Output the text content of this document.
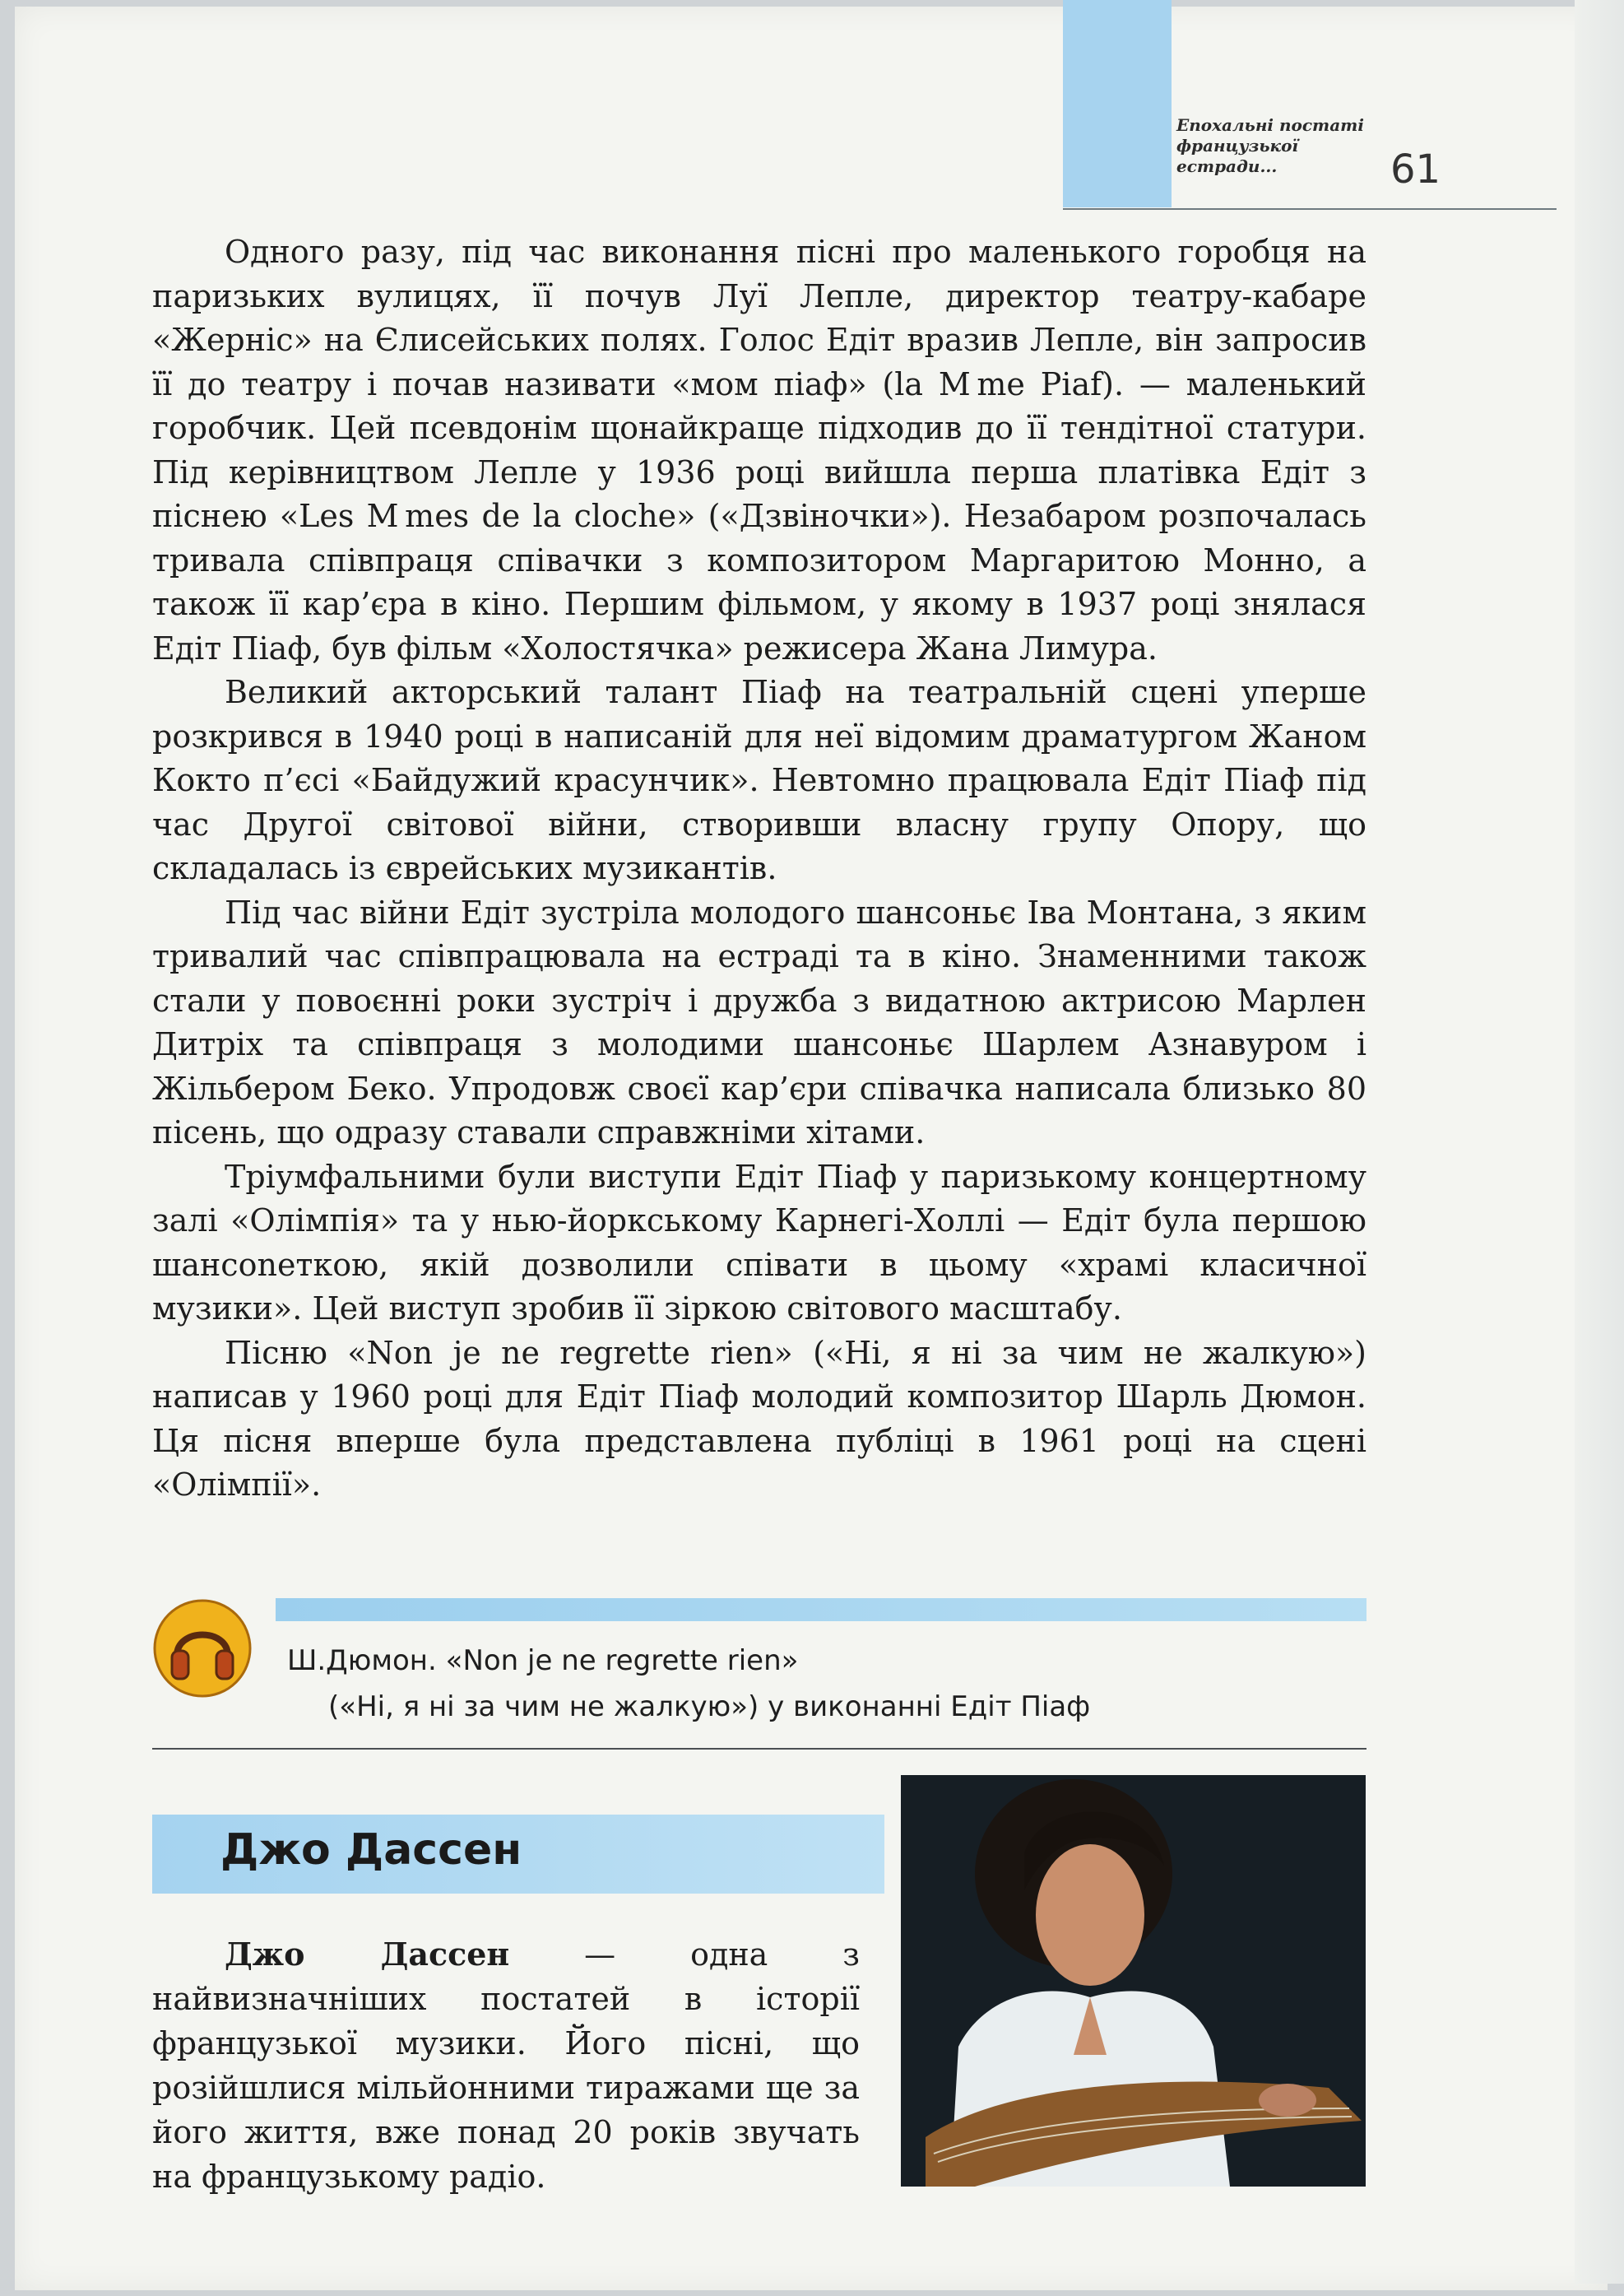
Епохальні постаті
французької
естради...	61

Одного разу, під час виконання пісні про маленького горобця на паризьких вулицях, її почув Луї Лепле, директор театру-кабаре «Жерніс» на Єлисейських полях. Голос Едіт вразив Лепле, він запросив її до театру і почав називати «мом піаф» (la M me Piaf). — маленький горобчик. Цей псевдонім щонайкраще підходив до її тендітної статури. Під керівництвом Лепле у 1936 році вийшла перша платівка Едіт з піснею «Les M mes de la cloche» («Дзвіночки»). Незабаром розпочалась тривала співпраця співачки з композитором Маргаритою Монно, а також її кар’єра в кіно. Першим фільмом, у якому в 1937 році знялася Едіт Піаф, був фільм «Холостячка» режисера Жана Лимура.

Великий акторський талант Піаф на театральній сцені уперше розкрився в 1940 році в написаній для неї відомим драматургом Жаном Кокто п’єсі «Байдужий красунчик». Невтомно працювала Едіт Піаф під час Другої світової війни, створивши власну групу Опору, що складалась із єврейських музикантів.

Під час війни Едіт зустріла молодого шансоньє Іва Монтана, з яким тривалий час співпрацювала на естраді та в кіно. Знаменними також стали у повоєнні роки зустріч і дружба з видатною актрисою Марлен Дитріх та співпраця з молодими шансоньє Шарлем Азнавуром і Жільбером Беко. Упродовж своєї кар’єри співачка написала близько 80 пісень, що одразу ставали справжніми хітами.

Тріумфальними були виступи Едіт Піаф у паризькому концертному залі «Олімпія» та у нью-йоркському Карнегі-Холлі — Едіт була першою шансоneткою, якій дозволили співати в цьому «храмі класичної музики». Цей виступ зробив її зіркою світового масштабу.

Пісню «Non je ne regrette rien» («Ні, я ні за чим не жалкую») написав у 1960 році для Едіт Піаф молодий композитор Шарль Дюмон. Ця пісня вперше була представлена публіці в 1961 році на сцені «Олімпії».

Ш.Дюмон. «Non je ne regrette rien»
(«Ні, я ні за чим не жалкую») у виконанні Едіт Піаф
Джо Дассен

Джо Дассен — одна з найвизначніших постатей в історії французької музики. Його пісні, що розійшлися мільйонними тиражами ще за його життя, вже понад 20 років звучать на французькому радіо.
